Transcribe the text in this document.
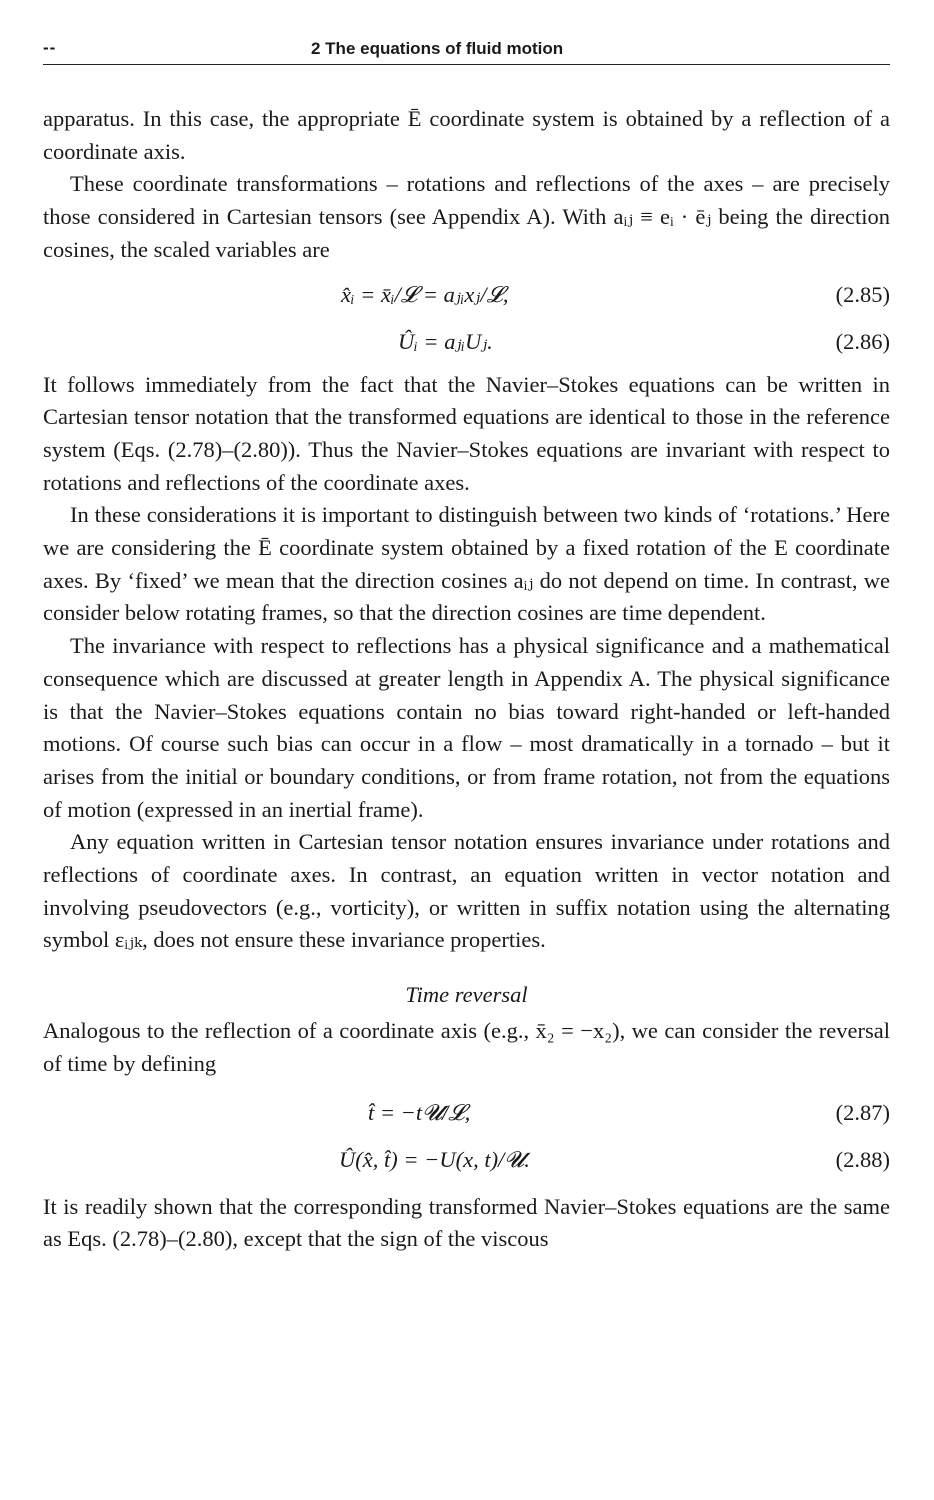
--	2 The equations of fluid motion

apparatus. In this case, the appropriate Ē coordinate system is obtained by a reflection of a coordinate axis.

These coordinate transformations – rotations and reflections of the axes – are precisely those considered in Cartesian tensors (see Appendix A). With aᵢⱼ ≡ eᵢ · ēⱼ being the direction cosines, the scaled variables are

x̂ᵢ = x̄ᵢ/𝓛 = aⱼᵢxⱼ/𝓛,	(2.85)
Ûᵢ = aⱼᵢUⱼ.	(2.86)

It follows immediately from the fact that the Navier–Stokes equations can be written in Cartesian tensor notation that the transformed equations are identical to those in the reference system (Eqs. (2.78)–(2.80)). Thus the Navier–Stokes equations are invariant with respect to rotations and reflections of the coordinate axes.

In these considerations it is important to distinguish between two kinds of ‘rotations.’ Here we are considering the Ē coordinate system obtained by a fixed rotation of the E coordinate axes. By ‘fixed’ we mean that the direction cosines aᵢⱼ do not depend on time. In contrast, we consider below rotating frames, so that the direction cosines are time dependent.

The invariance with respect to reflections has a physical significance and a mathematical consequence which are discussed at greater length in Appendix A. The physical significance is that the Navier–Stokes equations contain no bias toward right-handed or left-handed motions. Of course such bias can occur in a flow – most dramatically in a tornado – but it arises from the initial or boundary conditions, or from frame rotation, not from the equations of motion (expressed in an inertial frame).

Any equation written in Cartesian tensor notation ensures invariance under rotations and reflections of coordinate axes. In contrast, an equation written in vector notation and involving pseudovectors (e.g., vorticity), or written in suffix notation using the alternating symbol εᵢⱼₖ, does not ensure these invariance properties.

Time reversal

Analogous to the reflection of a coordinate axis (e.g., x̄₂ = −x₂), we can consider the reversal of time by defining

t̂ = −t𝓤/𝓛,	(2.87)
Û(x̂, t̂) = −U(x, t)/𝓤.	(2.88)

It is readily shown that the corresponding transformed Navier–Stokes equations are the same as Eqs. (2.78)–(2.80), except that the sign of the viscous
